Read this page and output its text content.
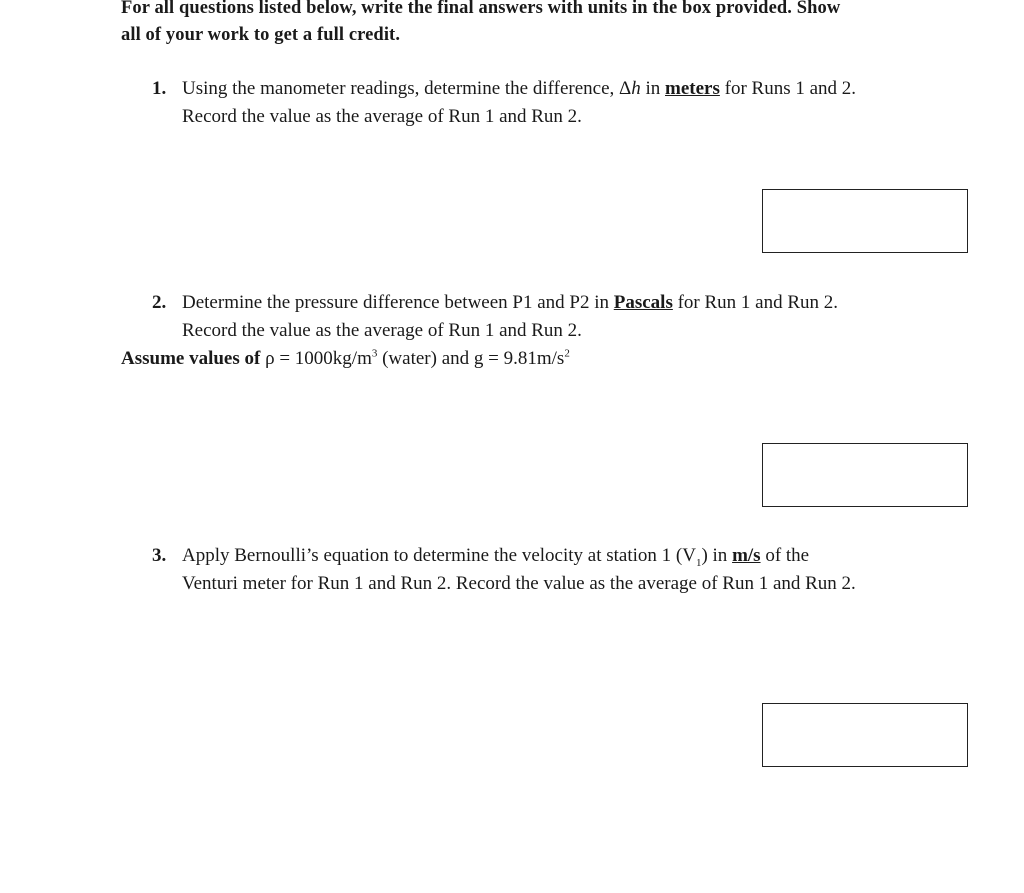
For all questions listed below, write the final answers with units in the box provided. Show
all of your work to get a full credit.
1. Using the manometer readings, determine the difference, Δh in meters for Runs 1 and 2.
Record the value as the average of Run 1 and Run 2.
2. Determine the pressure difference between P1 and P2 in Pascals for Run 1 and Run 2.
Record the value as the average of Run 1 and Run 2.
Assume values of $\rho = 1000kg/m^3$ (water) and $g = 9.81m/s^2$
3. Apply Bernoulli’s equation to determine the velocity at station 1 $(V_1)$ in m/s of the
Venturi meter for Run 1 and Run 2. Record the value as the average of Run 1 and Run 2.
